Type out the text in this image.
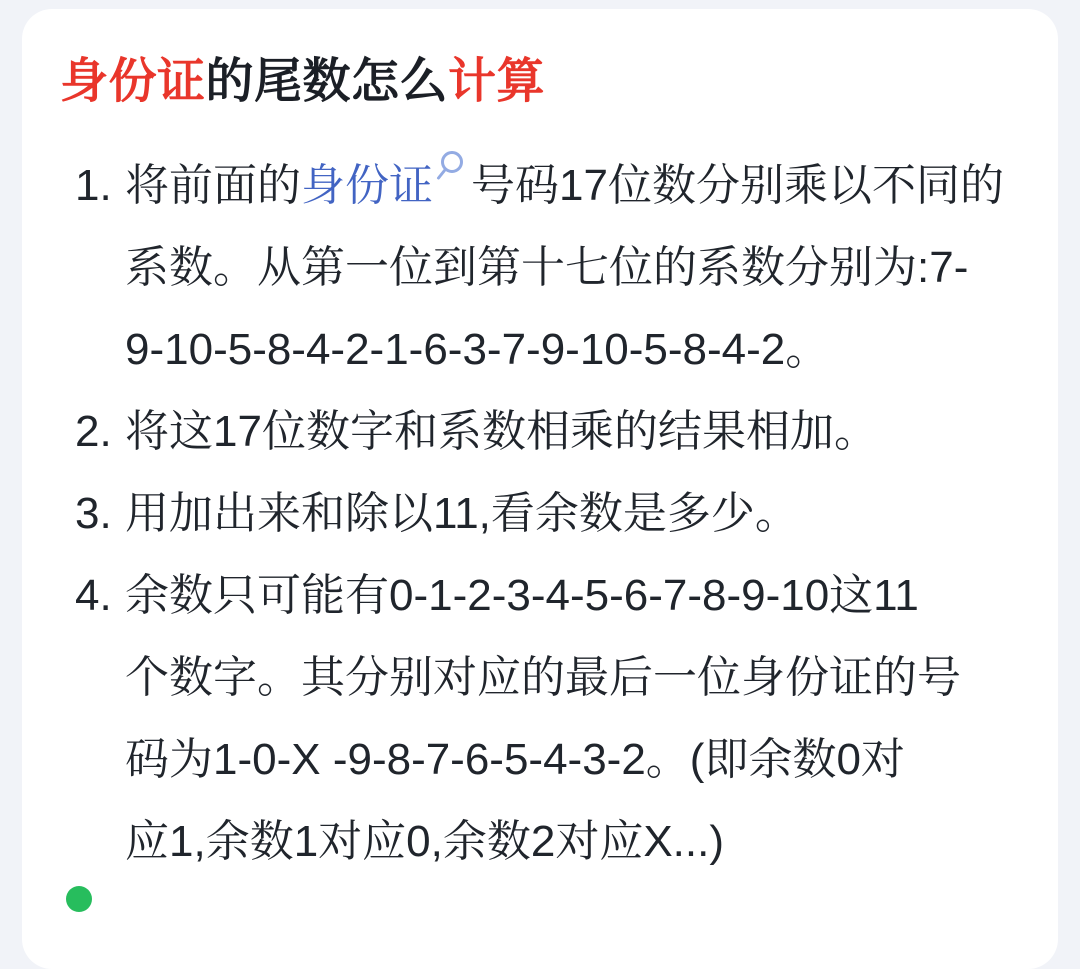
身份证的尾数怎么计算
1. 将前面的身份证 号码17位数分别乘以不同的
系数。从第一位到第十七位的系数分别为:7-
9-10-5-8-4-2-1-6-3-7-9-10-5-8-4-2。
2. 将这17位数字和系数相乘的结果相加。
3. 用加出来和除以11,看余数是多少。
4. 余数只可能有0-1-2-3-4-5-6-7-8-9-10这11
个数字。其分别对应的最后一位身份证的号
码为1-0-X -9-8-7-6-5-4-3-2。(即余数0对
应1,余数1对应0,余数2对应X...)
